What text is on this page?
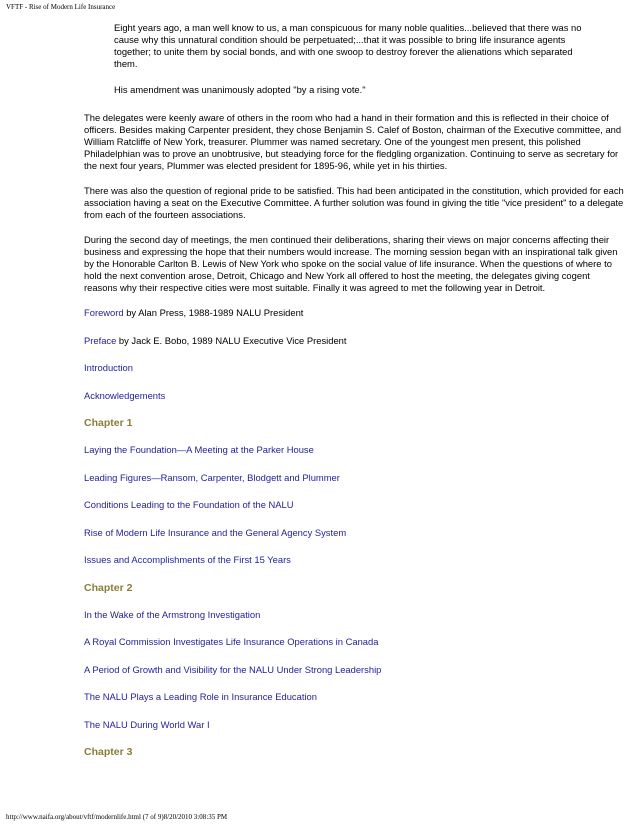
VFTF - Rise of Modern Life Insurance

Eight years ago, a man well know to us, a man conspicuous for many noble qualities...believed that there was no cause why this unnatural condition should be perpetuated;...that it was possible to bring life insurance agents together; to unite them by social bonds, and with one swoop to destroy forever the alienations which separated them.

His amendment was unanimously adopted "by a rising vote."

The delegates were keenly aware of others in the room who had a hand in their formation and this is reflected in their choice of officers. Besides making Carpenter president, they chose Benjamin S. Calef of Boston, chairman of the Executive committee, and William Ratcliffe of New York, treasurer. Plummer was named secretary. One of the youngest men present, this polished Philadelphian was to prove an unobtrusive, but steadying force for the fledgling organization. Continuing to serve as secretary for the next four years, Plummer was elected president for 1895-96, while yet in his thirties.

There was also the question of regional pride to be satisfied. This had been anticipated in the constitution, which provided for each association having a seat on the Executive Committee. A further solution was found in giving the title "vice president" to a delegate from each of the fourteen associations.

During the second day of meetings, the men continued their deliberations, sharing their views on major concerns affecting their business and expressing the hope that their numbers would increase. The morning session began with an inspirational talk given by the Honorable Carlton B. Lewis of New York who spoke on the social value of life insurance. When the questions of where to hold the next convention arose, Detroit, Chicago and New York all offered to host the meeting, the delegates giving cogent reasons why their respective cities were most suitable. Finally it was agreed to met the following year in Detroit.

Foreword by Alan Press, 1988-1989 NALU President
Preface by Jack E. Bobo, 1989 NALU Executive Vice President
Introduction
Acknowledgements
Chapter 1
Laying the Foundation—A Meeting at the Parker House
Leading Figures—Ransom, Carpenter, Blodgett and Plummer
Conditions Leading to the Foundation of the NALU
Rise of Modern Life Insurance and the General Agency System
Issues and Accomplishments of the First 15 Years
Chapter 2
In the Wake of the Armstrong Investigation
A Royal Commission Investigates Life Insurance Operations in Canada
A Period of Growth and Visibility for the NALU Under Strong Leadership
The NALU Plays a Leading Role in Insurance Education
The NALU During World War I
Chapter 3
http://www.naifa.org/about/vftf/modernlife.html (7 of 9)8/20/2010 3:08:35 PM
